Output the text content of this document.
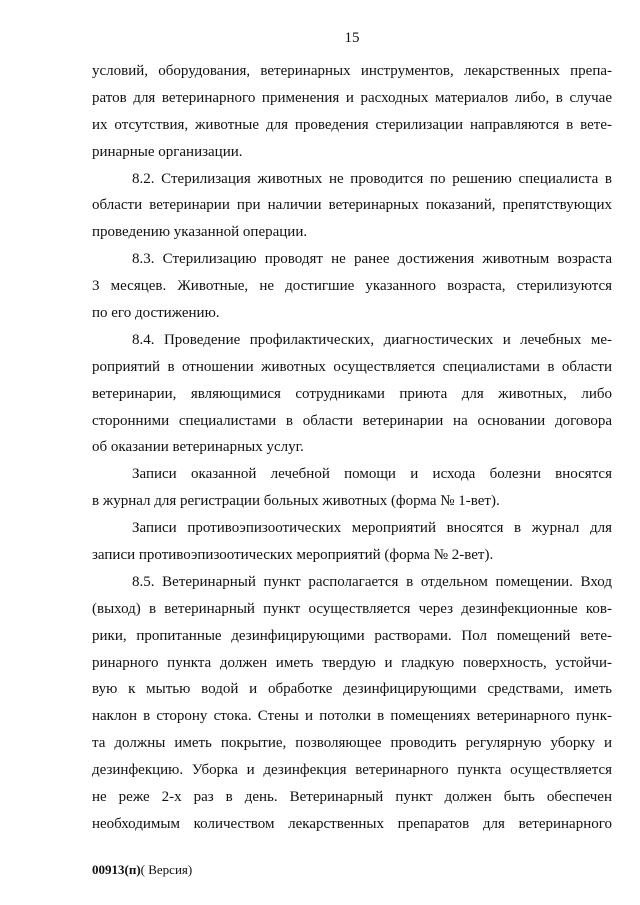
15
условий, оборудования, ветеринарных инструментов, лекарственных препа-
ратов для ветеринарного применения и расходных материалов либо, в случае
их отсутствия, животные для проведения стерилизации направляются в вете-
ринарные организации.
8.2. Стерилизация животных не проводится по решению специалиста в
области ветеринарии при наличии ветеринарных показаний, препятствующих
проведению указанной операции.
8.3. Стерилизацию проводят не ранее достижения животным возраста
3 месяцев. Животные, не достигшие указанного возраста, стерилизуются
по его достижению.
8.4. Проведение профилактических, диагностических и лечебных ме-
роприятий в отношении животных осуществляется специалистами в области
ветеринарии, являющимися сотрудниками приюта для животных, либо
сторонними специалистами в области ветеринарии на основании договора
об оказании ветеринарных услуг.
Записи оказанной лечебной помощи и исхода болезни вносятся
в журнал для регистрации больных животных (форма № 1-вет).
Записи противоэпизоотических мероприятий вносятся в журнал для
записи противоэпизоотических мероприятий (форма № 2-вет).
8.5. Ветеринарный пункт располагается в отдельном помещении. Вход
(выход) в ветеринарный пункт осуществляется через дезинфекционные ков-
рики, пропитанные дезинфицирующими растворами. Пол помещений вете-
ринарного пункта должен иметь твердую и гладкую поверхность, устойчи-
вую к мытью водой и обработке дезинфицирующими средствами, иметь
наклон в сторону стока. Стены и потолки в помещениях ветеринарного пунк-
та должны иметь покрытие, позволяющее проводить регулярную уборку и
дезинфекцию. Уборка и дезинфекция ветеринарного пункта осуществляется
не реже 2-х раз в день. Ветеринарный пункт должен быть обеспечен
необходимым количеством лекарственных препаратов для ветеринарного
00913(п)( Версия)
